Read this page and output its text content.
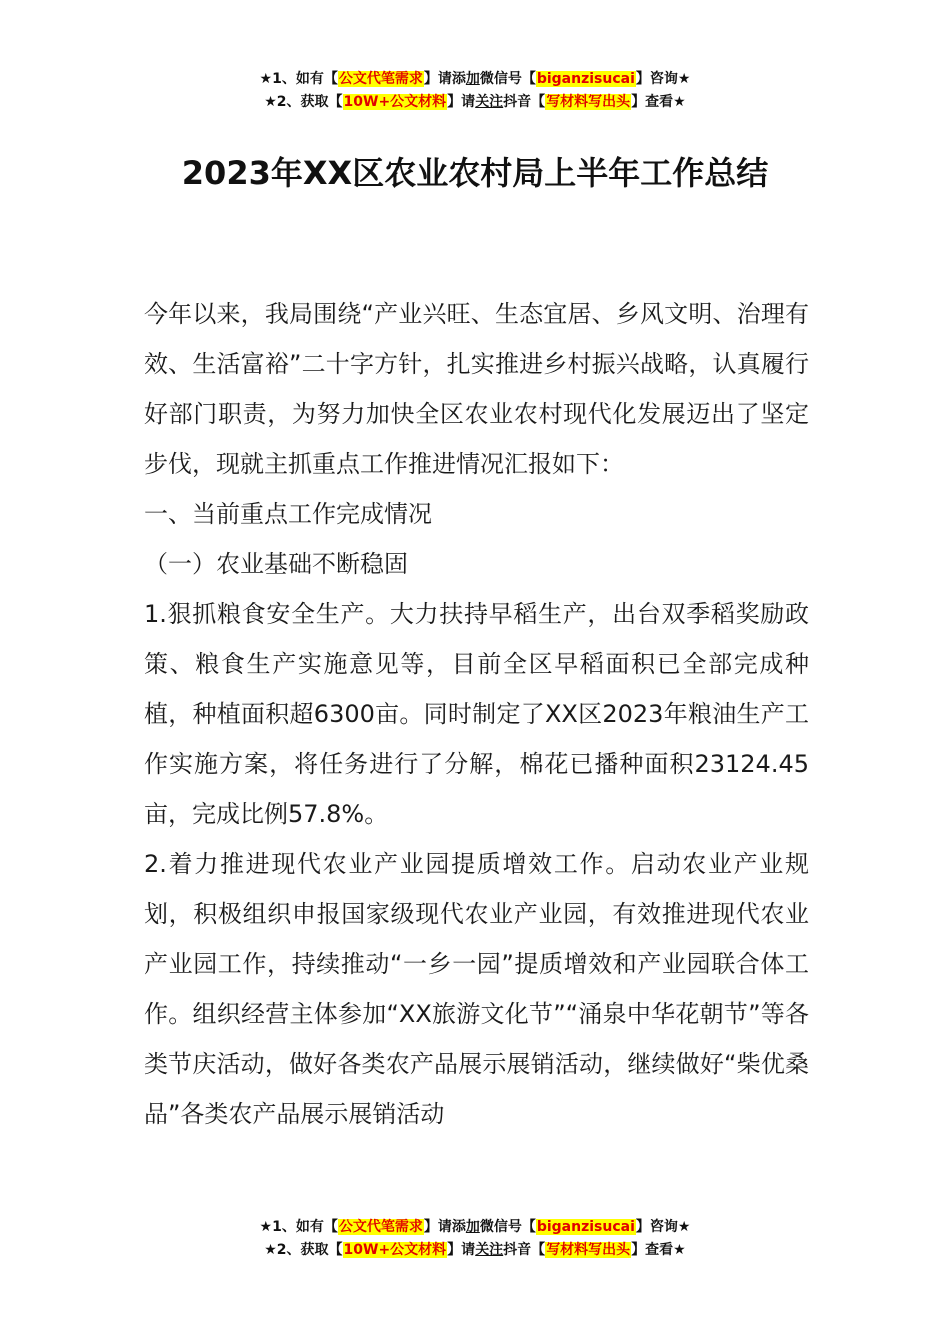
★1、如有【公文代笔需求】请添加微信号【biganzisucai】咨询★
★2、获取【10W+公文材料】请关注抖音【写材料写出头】查看★
2023年XX区农业农村局上半年工作总结

今年以来，我局围绕“产业兴旺、生态宜居、乡风文明、治理有效、生活富裕”二十字方针，扎实推进乡村振兴战略，认真履行好部门职责，为努力加快全区农业农村现代化发展迈出了坚定步伐，现就主抓重点工作推进情况汇报如下：

一、当前重点工作完成情况

（一）农业基础不断稳固

1.狠抓粮食安全生产。大力扶持早稻生产，出台双季稻奖励政策、粮食生产实施意见等，目前全区早稻面积已全部完成种植，种植面积超6300亩。同时制定了XX区2023年粮油生产工作实施方案，将任务进行了分解，棉花已播种面积23124.45亩，完成比例57.8%。

2.着力推进现代农业产业园提质增效工作。启动农业产业规划，积极组织申报国家级现代农业产业园，有效推进现代农业产业园工作，持续推动“一乡一园”提质增效和产业园联合体工作。组织经营主体参加“XX旅游文化节”“涌泉中华花朝节”等各类节庆活动，做好各类农产品展示展销活动，继续做好“柴优桑品”各类农产品展示展销活动

★1、如有【公文代笔需求】请添加微信号【biganzisucai】咨询★
★2、获取【10W+公文材料】请关注抖音【写材料写出头】查看★
